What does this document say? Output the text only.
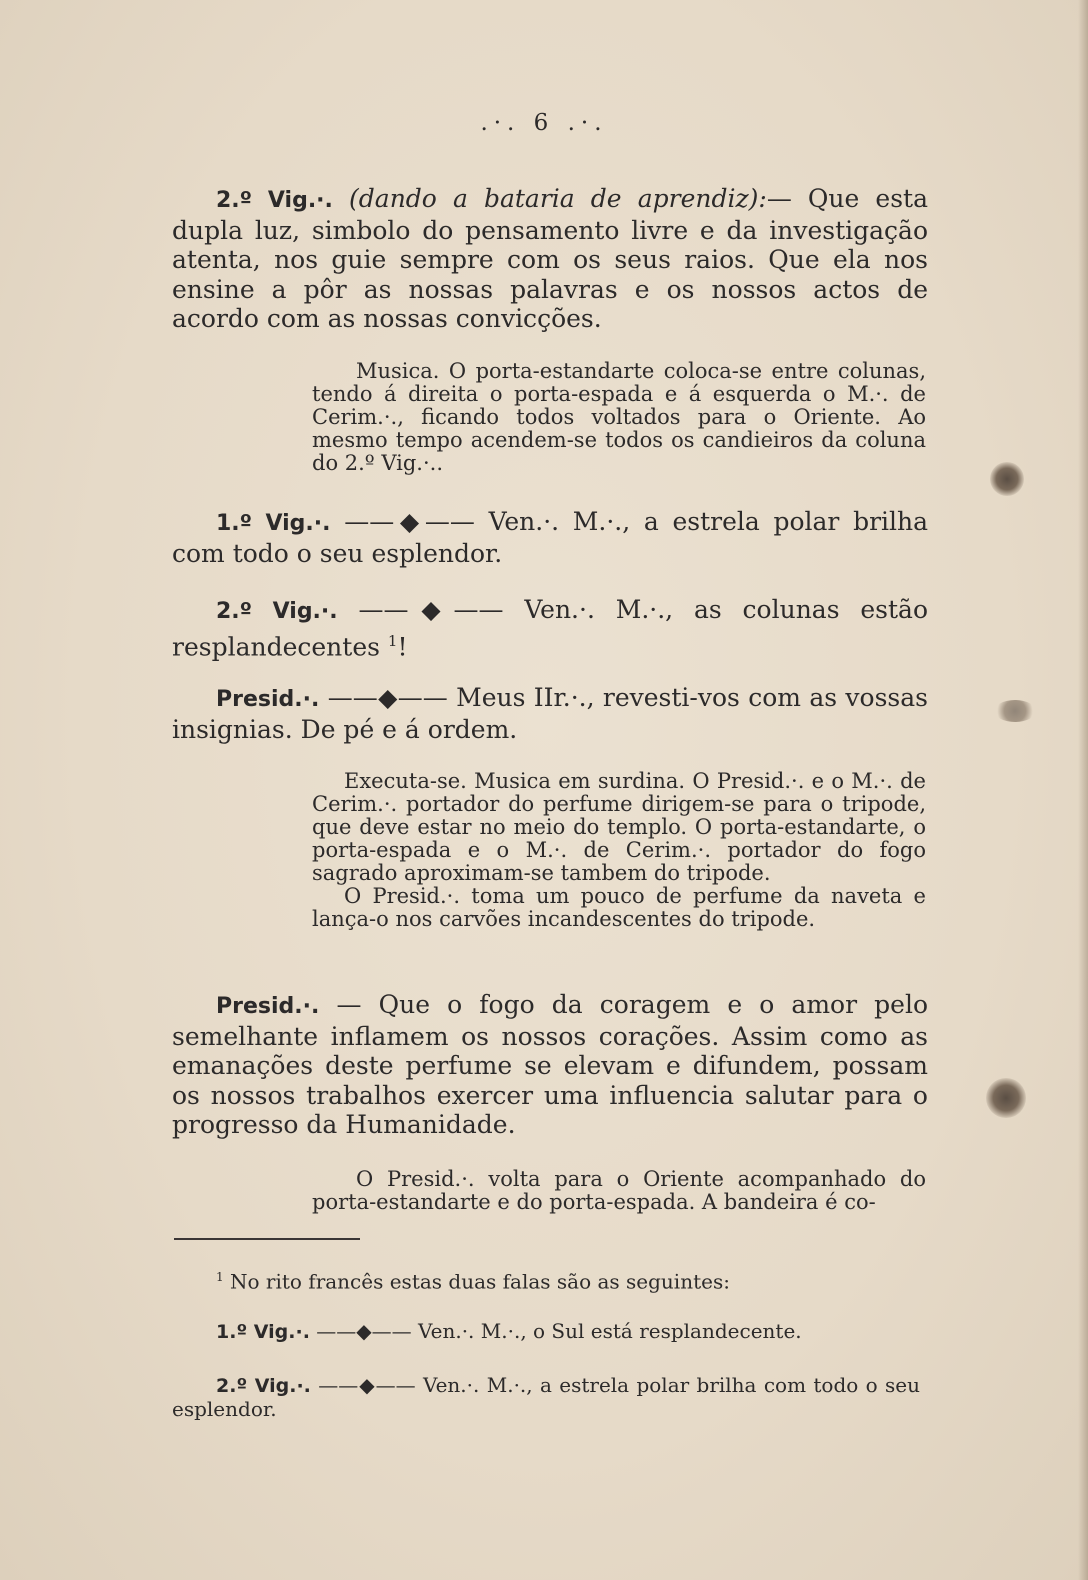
.·. 6 .·.

2.º Vig.·. (dando a bataria de aprendiz):— Que esta dupla luz, simbolo do pensamento livre e da investigação atenta, nos guie sempre com os seus raios. Que ela nos ensine a pôr as nossas palavras e os nossos actos de acordo com as nossas convicções.

Musica. O porta-estandarte coloca-se entre colunas, tendo á direita o porta-espada e á esquerda o M.·. de Cerim.·., ficando todos voltados para o Oriente. Ao mesmo tempo acendem-se todos os candieiros da coluna do 2.º Vig.·..

1.º Vig.·. ——◆—— Ven.·. M.·., a estrela polar brilha com todo o seu esplendor.

2.º Vig.·. ——◆—— Ven.·. M.·., as colunas estão resplandecentes $^1$!

Presid.·. ——◆—— Meus IIr.·., revesti-vos com as vossas insignias. De pé e á ordem.

Executa-se. Musica em surdina. O Presid.·. e o M.·. de Cerim.·. portador do perfume dirigem-se para o tripode, que deve estar no meio do templo. O porta-estandarte, o porta-espada e o M.·. de Cerim.·. portador do fogo sagrado aproximam-se tambem do tripode.
O Presid.·. toma um pouco de perfume da naveta e lança-o nos carvões incandescentes do tripode.

Presid.·. — Que o fogo da coragem e o amor pelo semelhante inflamem os nossos corações. Assim como as emanações deste perfume se elevam e difundem, possam os nossos trabalhos exercer uma influencia salutar para o progresso da Humanidade.

O Presid.·. volta para o Oriente acompanhado do porta-estandarte e do porta-espada. A bandeira é co-

$^1$ No rito francês estas duas falas são as seguintes:

1.º Vig.·. ——◆—— Ven.·. M.·., o Sul está resplandecente.

2.º Vig.·. ——◆—— Ven.·. M.·., a estrela polar brilha com todo o seu esplendor.
